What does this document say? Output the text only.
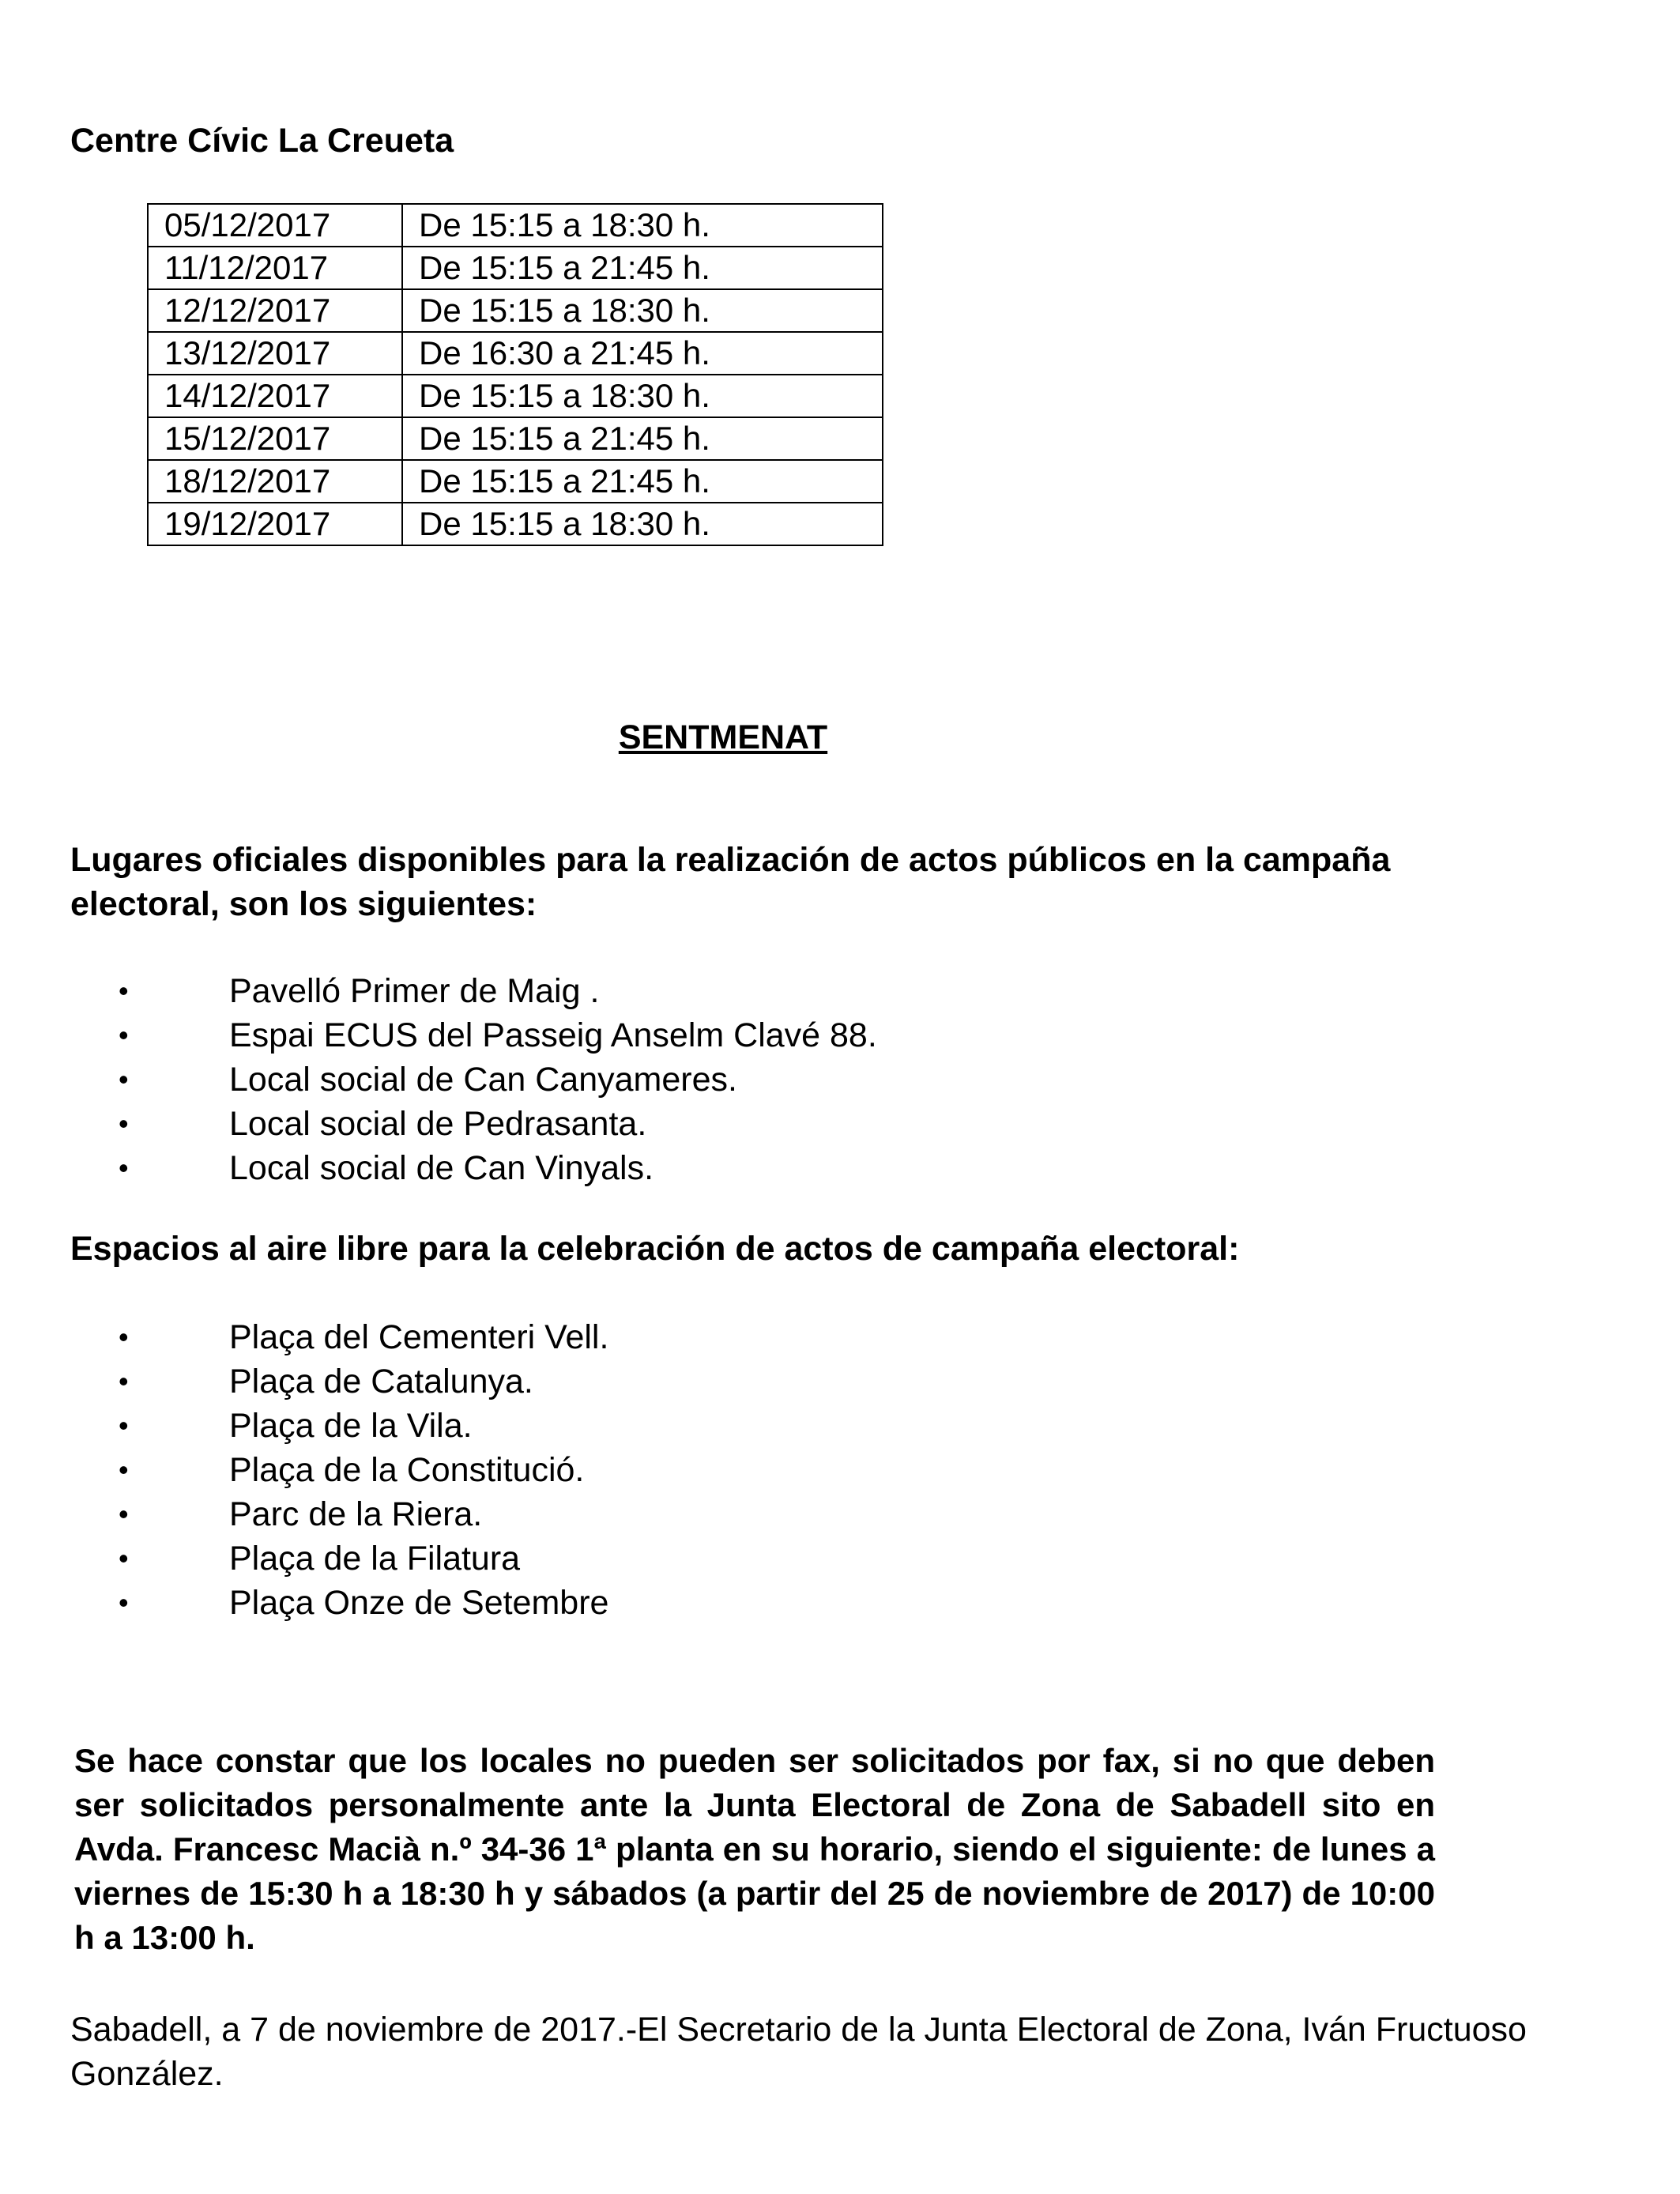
Centre Cívic La Creueta
05/12/2017	De 15:15 a 18:30 h.
11/12/2017	De 15:15 a 21:45 h.
12/12/2017	De 15:15 a 18:30 h.
13/12/2017	De 16:30 a 21:45 h.
14/12/2017	De 15:15 a 18:30 h.
15/12/2017	De 15:15 a 21:45 h.
18/12/2017	De 15:15 a 21:45 h.
19/12/2017	De 15:15 a 18:30 h.
SENTMENAT
Lugares oficiales disponibles para la realización de actos públicos en la campaña electoral, son los siguientes:
•	Pavelló Primer de Maig .
•	Espai ECUS del Passeig Anselm Clavé 88.
•	Local social de Can Canyameres.
•	Local social de Pedrasanta.
•	Local social de Can Vinyals.
Espacios al aire libre para la celebración de actos de campaña electoral:
•	Plaça del Cementeri Vell.
•	Plaça de Catalunya.
•	Plaça de la Vila.
•	Plaça de la Constitució.
•	Parc de la Riera.
•	Plaça de la Filatura
•	Plaça Onze de Setembre
Se hace constar que los locales no pueden ser solicitados por fax, si no que deben ser solicitados personalmente ante la Junta Electoral de Zona de Sabadell sito en Avda. Francesc Macià n.º 34-36 1ª planta en su horario, siendo el siguiente: de lunes a viernes de 15:30 h a 18:30 h y sábados (a partir del 25 de noviembre de 2017) de 10:00 h a 13:00 h.
Sabadell, a 7 de noviembre de 2017.-El Secretario de la Junta Electoral de Zona, Iván Fructuoso González.
